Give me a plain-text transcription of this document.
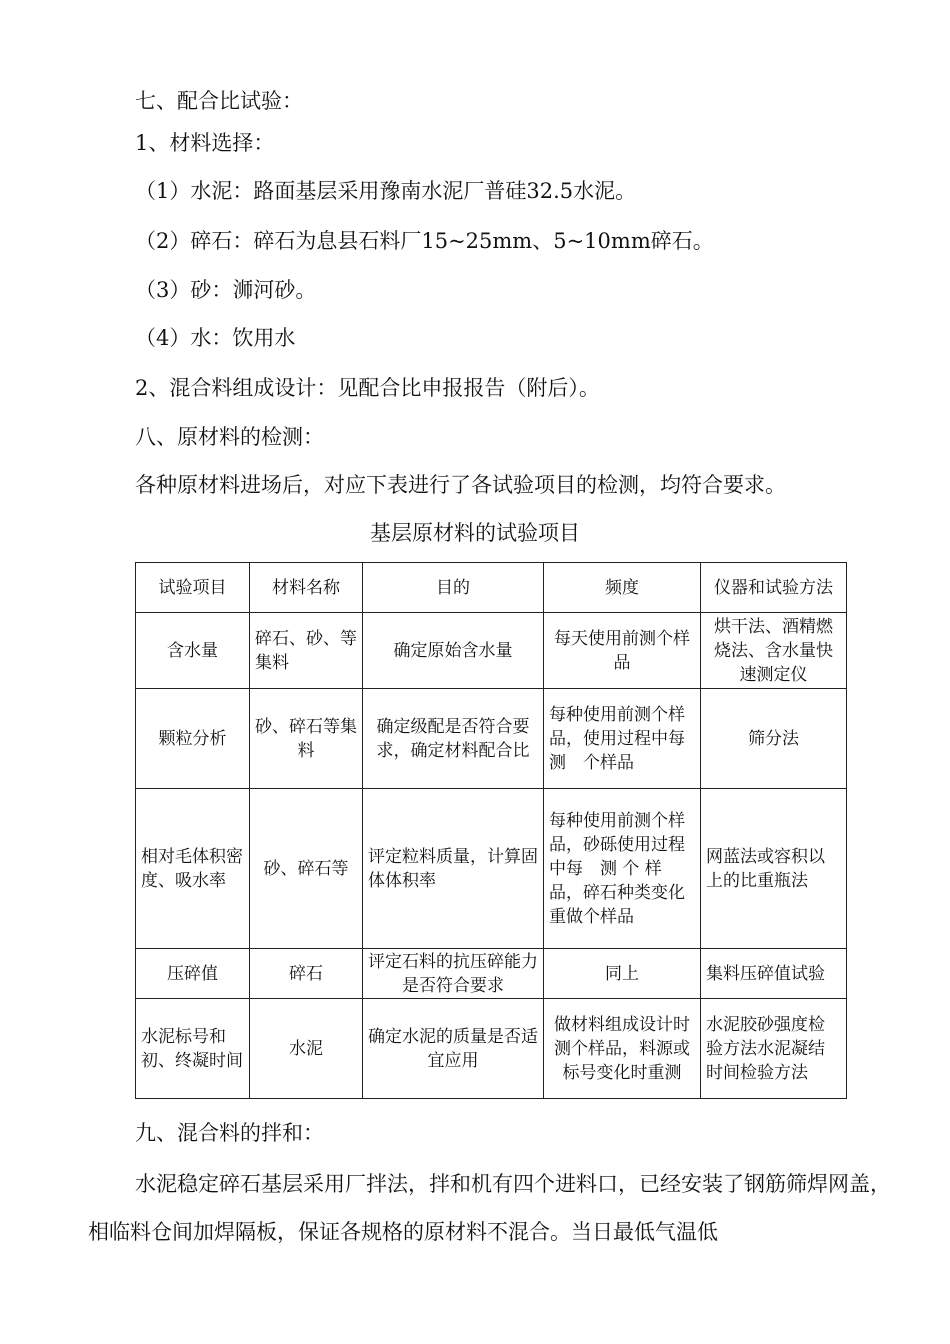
七、配合比试验：
1、材料选择：
（1）水泥：路面基层采用豫南水泥厂普硅32.5水泥。
（2）碎石：碎石为息县石料厂15~25mm、5~10mm碎石。
（3）砂：浉河砂。
（4）水：饮用水
2、混合料组成设计：见配合比申报报告（附后）。
八、原材料的检测：
各种原材料进场后，对应下表进行了各试验项目的检测，均符合要求。
基层原材料的试验项目
试验项目	材料名称	目的	频度	仪器和试验方法
含水量	碎石、砂、等集料	确定原始含水量	每天使用前测个样品	烘干法、酒精燃烧法、含水量快速测定仪
颗粒分析	砂、碎石等集料	确定级配是否符合要求，确定材料配合比	每种使用前测个样品，使用过程中每测　个样品	筛分法
相对毛体积密度、吸水率	砂、碎石等	评定粒料质量，计算固体体积率	每种使用前测个样品，砂砾使用过程中每　测 个 样品，碎石种类变化重做个样品	网蓝法或容积以上的比重瓶法
压碎值	碎石	评定石料的抗压碎能力是否符合要求	同上	集料压碎值试验
水泥标号和初、终凝时间	水泥	确定水泥的质量是否适宜应用	做材料组成设计时测个样品，料源或标号变化时重测	水泥胶砂强度检验方法水泥凝结时间检验方法
九、混合料的拌和：
水泥稳定碎石基层采用厂拌法，拌和机有四个进料口，已经安装了钢筋筛焊网盖，相临料仓间加焊隔板，保证各规格的原材料不混合。当日最低气温低
